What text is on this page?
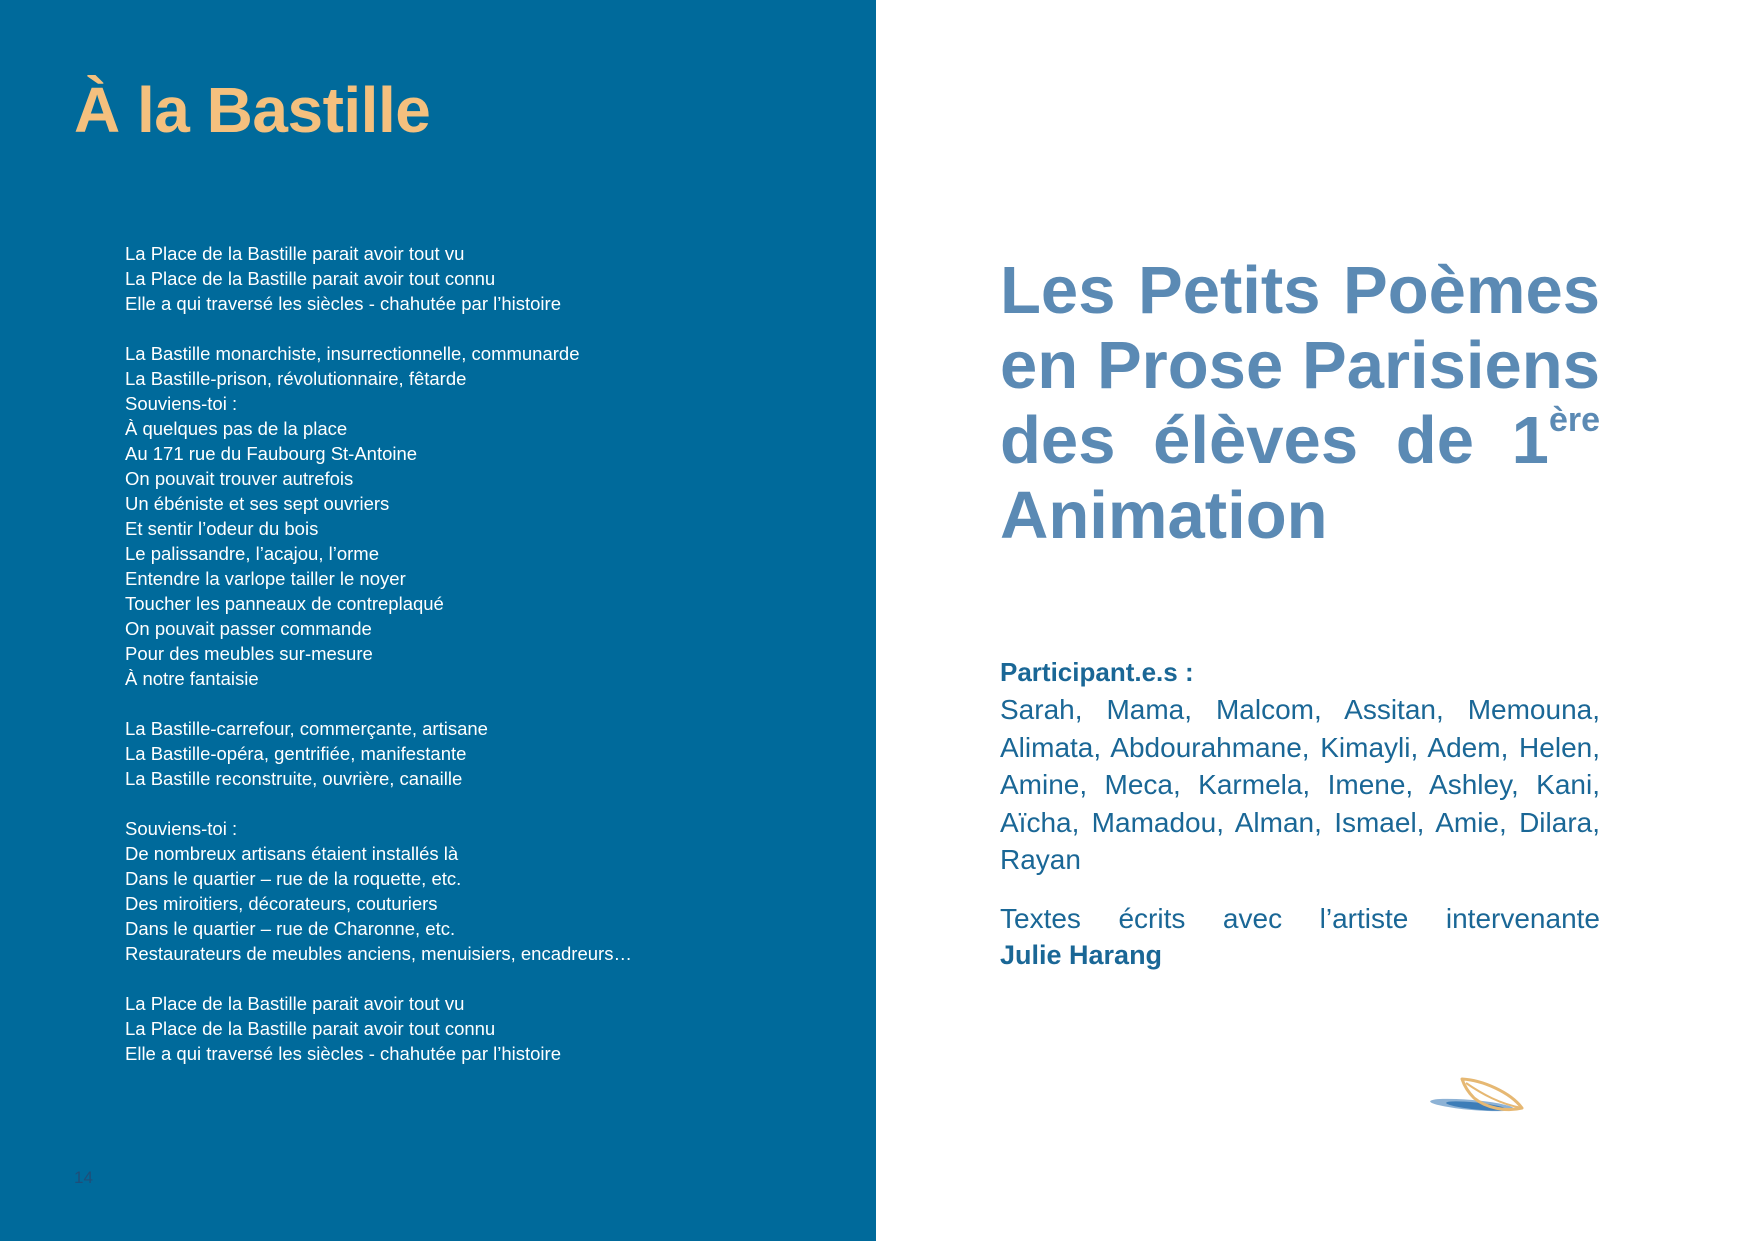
À la Bastille

La Place de la Bastille parait avoir tout vu
La Place de la Bastille parait avoir tout connu
Elle a qui traversé les siècles - chahutée par l’histoire

La Bastille monarchiste, insurrectionnelle, communarde
La Bastille-prison, révolutionnaire, fêtarde
Souviens-toi :
À quelques pas de la place
Au 171 rue du Faubourg St-Antoine
On pouvait trouver autrefois
Un ébéniste et ses sept ouvriers
Et sentir l’odeur du bois
Le palissandre, l’acajou, l’orme
Entendre la varlope tailler le noyer
Toucher les panneaux de contreplaqué
On pouvait passer commande
Pour des meubles sur-mesure
À notre fantaisie

La Bastille-carrefour, commerçante, artisane
La Bastille-opéra, gentrifiée, manifestante
La Bastille reconstruite, ouvrière, canaille

Souviens-toi :
De nombreux artisans étaient installés là
Dans le quartier – rue de la roquette, etc.
Des miroitiers, décorateurs, couturiers
Dans le quartier – rue de Charonne, etc.
Restaurateurs de meubles anciens, menuisiers, encadreurs…

La Place de la Bastille parait avoir tout vu
La Place de la Bastille parait avoir tout connu
Elle a qui traversé les siècles - chahutée par l’histoire

14
Les Petits Poèmes
en Prose Parisiens
des élèves de 1ère
Animation
Participant.e.s :

Sarah, Mama, Malcom, Assitan, Memouna, Alimata, Abdourahmane, Kimayli, Adem, Helen, Amine, Meca, Karmela, Imene, Ashley, Kani, Aïcha, Mamadou, Alman, Ismael, Amie, Dilara, Rayan

Textes écrits avec l’artiste intervenante
Julie Harang
